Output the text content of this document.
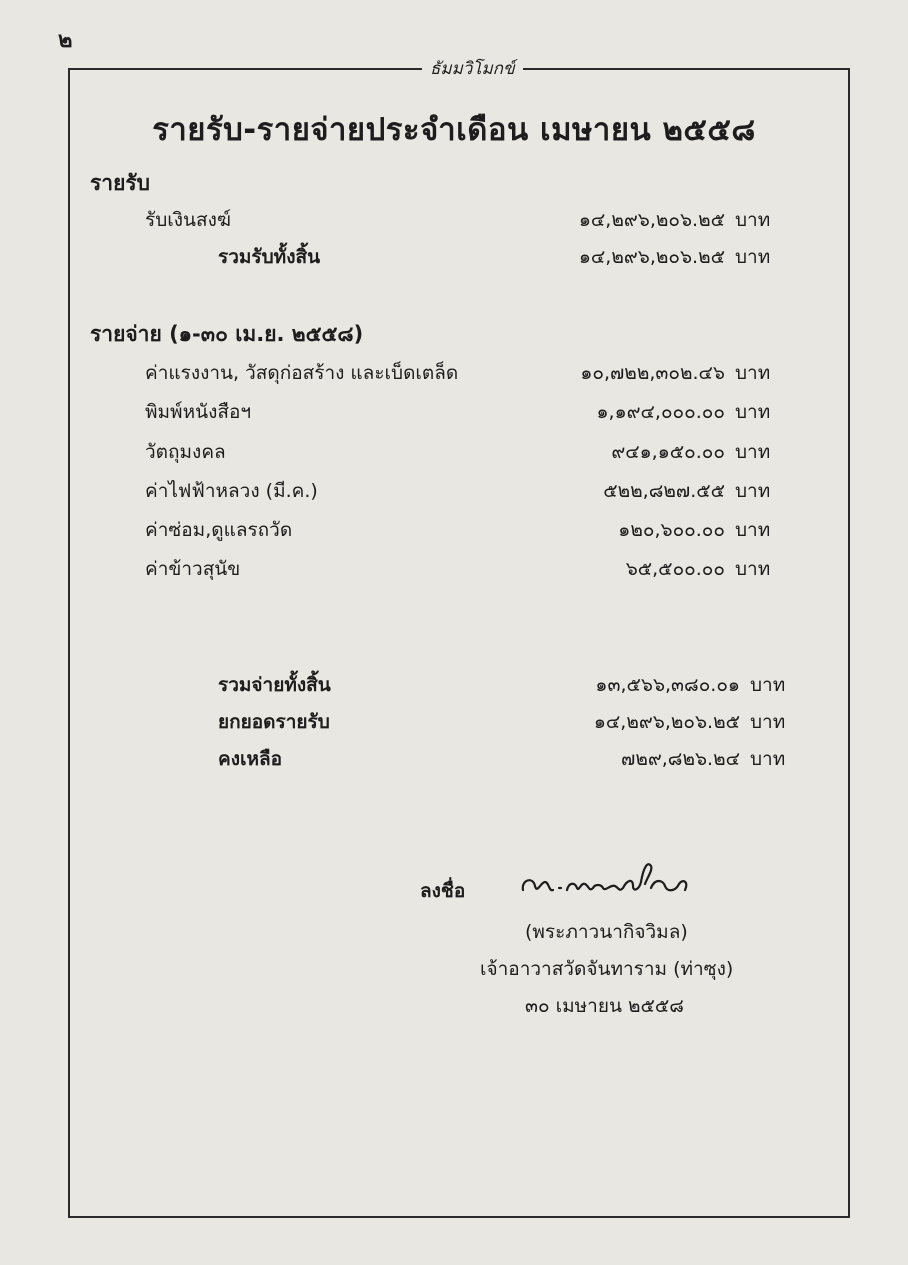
๒
ธัมมวิโมกข์
รายรับ-รายจ่ายประจำเดือน เมษายน ๒๕๕๘
รายรับ
รับเงินสงฆ์	๑๔,๒๙๖,๒๐๖.๒๕ บาท
รวมรับทั้งสิ้น	๑๔,๒๙๖,๒๐๖.๒๕ บาท
รายจ่าย (๑-๓๐ เม.ย. ๒๕๕๘)
ค่าแรงงาน, วัสดุก่อสร้าง และเบ็ดเตล็ด	๑๐,๗๒๒,๓๐๒.๔๖ บาท
พิมพ์หนังสือฯ	๑,๑๙๔,๐๐๐.๐๐ บาท
วัตถุมงคล	๙๔๑,๑๕๐.๐๐ บาท
ค่าไฟฟ้าหลวง (มี.ค.)	๕๒๒,๘๒๗.๕๕ บาท
ค่าซ่อม,ดูแลรถวัด	๑๒๐,๖๐๐.๐๐ บาท
ค่าข้าวสุนัข	๖๕,๕๐๐.๐๐ บาท
รวมจ่ายทั้งสิ้น	๑๓,๕๖๖,๓๘๐.๐๑ บาท
ยกยอดรายรับ	๑๔,๒๙๖,๒๐๖.๒๕ บาท
คงเหลือ	๗๒๙,๘๒๖.๒๔ บาท
ลงชื่อ
(พระภาวนากิจวิมล)
เจ้าอาวาสวัดจันทาราม (ท่าซุง)
๓๐ เมษายน ๒๕๕๘
